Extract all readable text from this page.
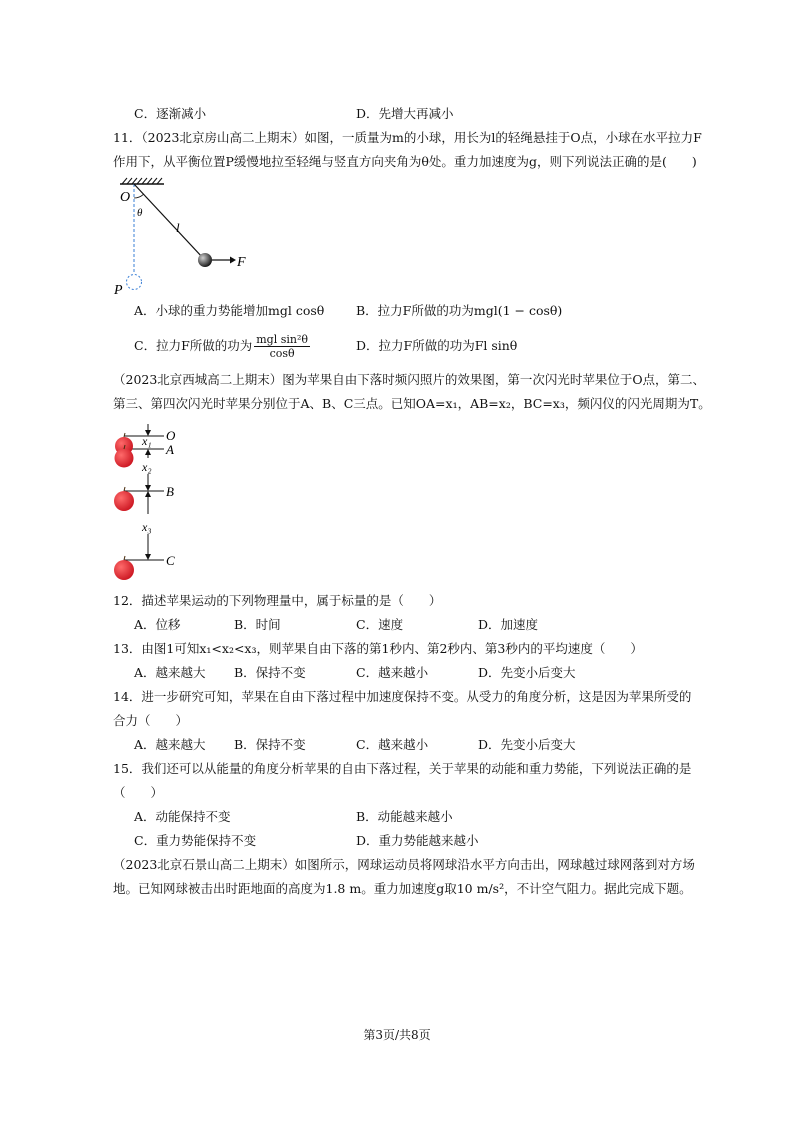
C．逐渐减小	D．先增大再减小
11．（2023北京房山高二上期末）如图，一质量为m的小球，用长为l的轻绳悬挂于O点，小球在水平拉力F
作用下，从平衡位置P缓慢地拉至轻绳与竖直方向夹角为θ处。重力加速度为g，则下列说法正确的是(　　)
O
θ
l
F
P
A．小球的重力势能增加mgl cosθ	B．拉力F所做的功为mgl(1 − cosθ)
C．拉力F所做的功为 $\frac{\text{mgl sin²θ}}{\cos\theta}$	D．拉力F所做的功为Fl sinθ
（2023北京西城高二上期末）图为苹果自由下落时频闪照片的效果图，第一次闪光时苹果位于O点，第二、
第三、第四次闪光时苹果分别位于A、B、C三点。已知OA=x₁，AB=x₂，BC=x₃，频闪仪的闪光周期为T。
x₁
x₂
x₃
O
A
B
C
12．描述苹果运动的下列物理量中，属于标量的是（　　）
A．位移	B．时间	C．速度	D．加速度
13．由图1可知x₁<x₂<x₃，则苹果自由下落的第1秒内、第2秒内、第3秒内的平均速度（　　）
A．越来越大 B．保持不变	C．越来越小	D．先变小后变大
14．进一步研究可知，苹果在自由下落过程中加速度保持不变。从受力的角度分析，这是因为苹果所受的
合力（　　）
A．越来越大 B．保持不变	C．越来越小	D．先变小后变大
15．我们还可以从能量的角度分析苹果的自由下落过程，关于苹果的动能和重力势能，下列说法正确的是
（　　）
A．动能保持不变	B．动能越来越小
C．重力势能保持不变	D．重力势能越来越小
（2023北京石景山高二上期末）如图所示，网球运动员将网球沿水平方向击出，网球越过球网落到对方场
地。已知网球被击出时距地面的高度为1.8 m。重力加速度g取10 m/s²，不计空气阻力。据此完成下题。
第3页/共8页
